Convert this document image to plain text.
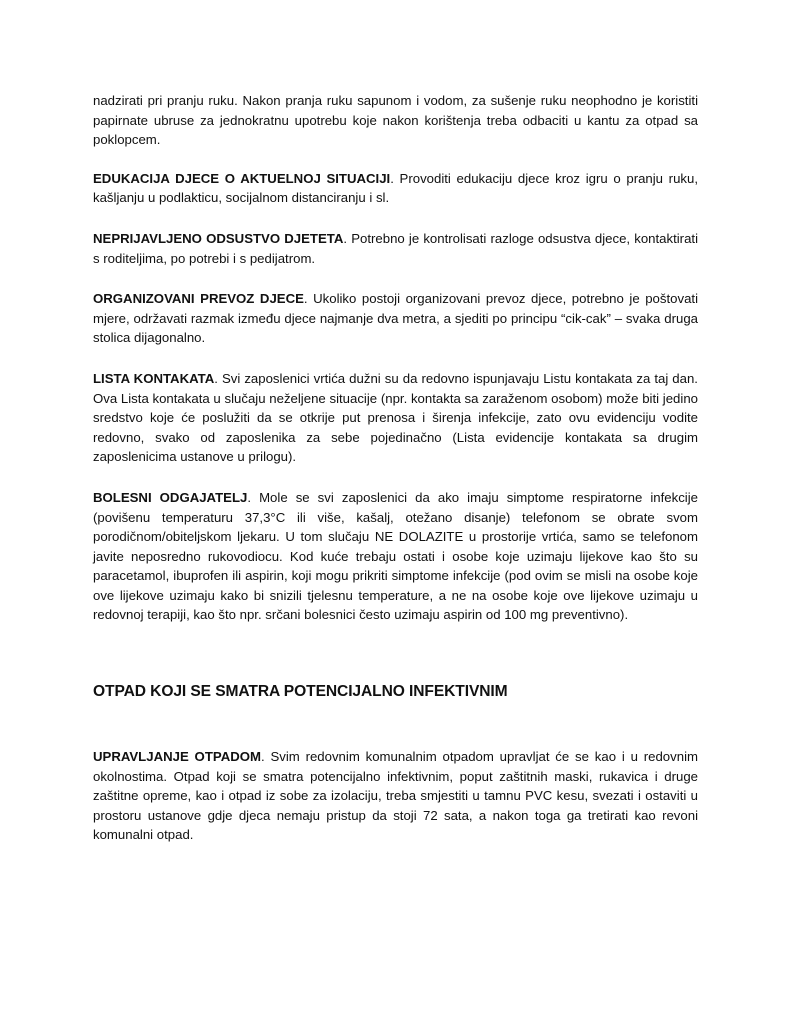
nadzirati pri pranju ruku. Nakon pranja ruku sapunom i vodom, za sušenje ruku neophodno je koristiti papirnate ubruse za jednokratnu upotrebu koje nakon korištenja treba odbaciti u kantu za otpad sa poklopcem.

EDUKACIJA DJECE O AKTUELNOJ SITUACIJI. Provoditi edukaciju djece kroz igru o pranju ruku, kašljanju u podlakticu, socijalnom distanciranju i sl.

NEPRIJAVLJENO ODSUSTVO DJETETA. Potrebno je kontrolisati razloge odsustva djece, kontaktirati s roditeljima, po potrebi i s pedijatrom.

ORGANIZOVANI PREVOZ DJECE. Ukoliko postoji organizovani prevoz djece, potrebno je poštovati mjere, održavati razmak između djece najmanje dva metra, a sjediti po principu “cik-cak” – svaka druga stolica dijagonalno.

LISTA KONTAKATA. Svi zaposlenici vrtića dužni su da redovno ispunjavaju Listu kontakata za taj dan. Ova Lista kontakata u slučaju neželjene situacije (npr. kontakta sa zaraženom osobom) može biti jedino sredstvo koje će poslužiti da se otkrije put prenosa i širenja infekcije, zato ovu evidenciju vodite redovno, svako od zaposlenika za sebe pojedinačno (Lista evidencije kontakata sa drugim zaposlenicima ustanove u prilogu).

BOLESNI ODGAJATELJ. Mole se svi zaposlenici da ako imaju simptome respiratorne infekcije (povišenu temperaturu 37,3°C ili više, kašalj, otežano disanje) telefonom se obrate svom porodičnom/obiteljskom ljekaru. U tom slučaju NE DOLAZITE u prostorije vrtića, samo se telefonom javite neposredno rukovodiocu. Kod kuće trebaju ostati i osobe koje uzimaju lijekove kao što su paracetamol, ibuprofen ili aspirin, koji mogu prikriti simptome infekcije (pod ovim se misli na osobe koje ove lijekove uzimaju kako bi snizili tjelesnu temperature, a ne na osobe koje ove lijekove uzimaju u redovnoj terapiji, kao što npr. srčani bolesnici često uzimaju aspirin od 100 mg preventivno).

OTPAD KOJI SE SMATRA POTENCIJALNO INFEKTIVNIM

UPRAVLJANJE OTPADOM. Svim redovnim komunalnim otpadom upravljat će se kao i u redovnim okolnostima. Otpad koji se smatra potencijalno infektivnim, poput zaštitnih maski, rukavica i druge zaštitne opreme, kao i otpad iz sobe za izolaciju, treba smjestiti u tamnu PVC kesu, svezati i ostaviti u prostoru ustanove gdje djeca nemaju pristup da stoji 72 sata, a nakon toga ga tretirati kao revoni komunalni otpad.
